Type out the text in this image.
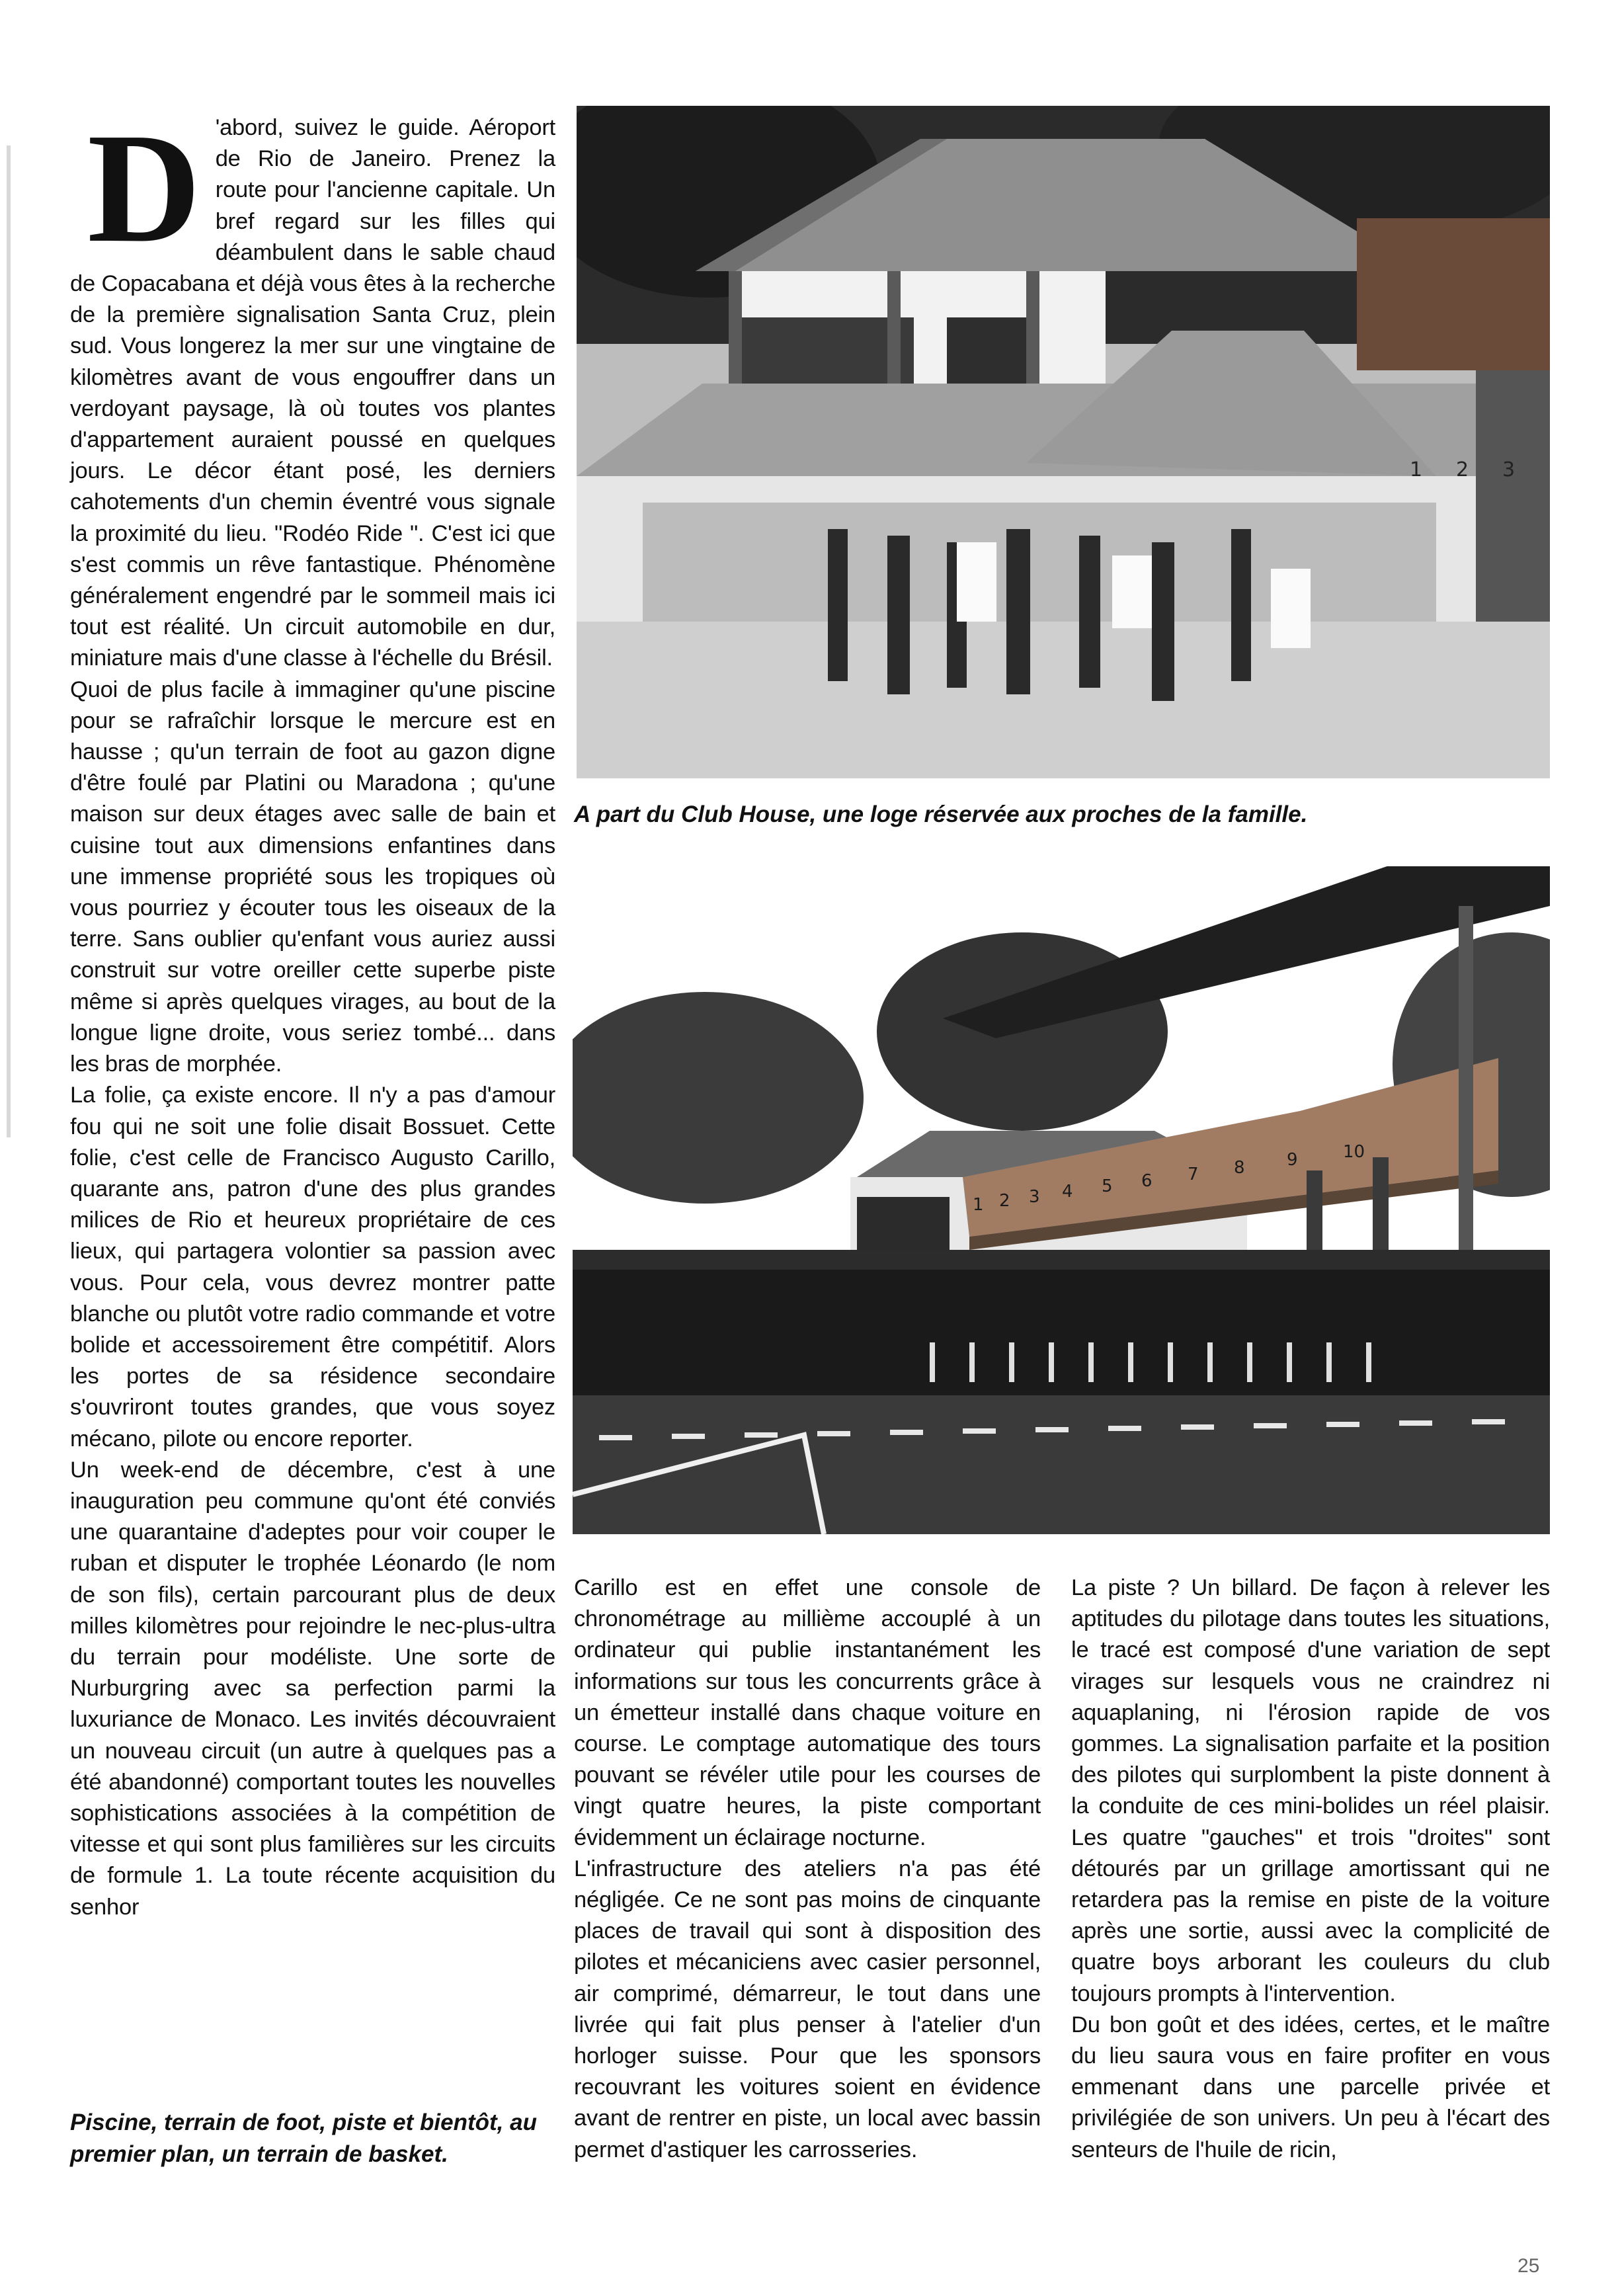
D 'abord, suivez le guide. Aéroport de Rio de Janeiro. Prenez la route pour l'ancienne capitale. Un bref regard sur les filles qui déambulent dans le sable chaud de Copacabana et déjà vous êtes à la recherche de la première signalisation Santa Cruz, plein sud. Vous longerez la mer sur une vingtaine de kilomètres avant de vous engouffrer dans un verdoyant paysage, là où toutes vos plantes d'appartement auraient poussé en quelques jours. Le décor étant posé, les derniers cahotements d'un chemin éventré vous signale la proximité du lieu. "Rodéo Ride ". C'est ici que s'est commis un rêve fantastique. Phénomène généralement engendré par le sommeil mais ici tout est réalité. Un circuit automobile en dur, miniature mais d'une classe à l'échelle du Brésil.

Quoi de plus facile à immaginer qu'une piscine pour se rafraîchir lorsque le mercure est en hausse ; qu'un terrain de foot au gazon digne d'être foulé par Platini ou Maradona ; qu'une maison sur deux étages avec salle de bain et cuisine tout aux dimensions enfantines dans une immense propriété sous les tropiques où vous pourriez y écouter tous les oiseaux de la terre. Sans oublier qu'enfant vous auriez aussi construit sur votre oreiller cette superbe piste même si après quelques virages, au bout de la longue ligne droite, vous seriez tombé... dans les bras de morphée.

La folie, ça existe encore. Il n'y a pas d'amour fou qui ne soit une folie disait Bossuet. Cette folie, c'est celle de Francisco Augusto Carillo, quarante ans, patron d'une des plus grandes milices de Rio et heureux propriétaire de ces lieux, qui partagera volontier sa passion avec vous. Pour cela, vous devrez montrer patte blanche ou plutôt votre radio commande et votre bolide et accessoirement être compétitif. Alors les portes de sa résidence secondaire s'ouvriront toutes grandes, que vous soyez mécano, pilote ou encore reporter.

Un week-end de décembre, c'est à une inauguration peu commune qu'ont été conviés une quarantaine d'adeptes pour voir couper le ruban et disputer le trophée Léonardo (le nom de son fils), certain parcourant plus de deux milles kilomètres pour rejoindre le nec-plus-ultra du terrain pour modéliste. Une sorte de Nurburgring avec sa perfection parmi la luxuriance de Monaco. Les invités découvraient un nouveau circuit (un autre à quelques pas a été abandonné) comportant toutes les nouvelles sophistications associées à la compétition de vitesse et qui sont plus familières sur les circuits de formule 1. La toute récente acquisition du senhor

Piscine, terrain de foot, piste et bientôt, au premier plan, un terrain de basket.

1 2 3

A part du Club House, une loge réservée aux proches de la famille.

1 2 3 4 5 6 7 8 9	10

Carillo est en effet une console de chronométrage au millième accouplé à un ordinateur qui publie instantanément les informations sur tous les concurrents grâce à un émetteur installé dans chaque voiture en course. Le comptage automatique des tours pouvant se révéler utile pour les courses de vingt quatre heures, la piste comportant évidemment un éclairage nocturne.

L'infrastructure des ateliers n'a pas été négligée. Ce ne sont pas moins de cinquante places de travail qui sont à disposition des pilotes et mécaniciens avec casier personnel, air comprimé, démarreur, le tout dans une livrée qui fait plus penser à l'atelier d'un horloger suisse. Pour que les sponsors recouvrant les voitures soient en évidence avant de rentrer en piste, un local avec bassin permet d'astiquer les carrosseries.

La piste ? Un billard. De façon à relever les aptitudes du pilotage dans toutes les situations, le tracé est composé d'une variation de sept virages sur lesquels vous ne craindrez ni aquaplaning, ni l'érosion rapide de vos gommes. La signalisation parfaite et la position des pilotes qui surplombent la piste donnent à la conduite de ces mini-bolides un réel plaisir. Les quatre "gauches" et trois "droites" sont détourés par un grillage amortissant qui ne retardera pas la remise en piste de la voiture après une sortie, aussi avec la complicité de quatre boys arborant les couleurs du club toujours prompts à l'intervention.

Du bon goût et des idées, certes, et le maître du lieu saura vous en faire profiter en vous emmenant dans une parcelle privée et privilégiée de son univers. Un peu à l'écart des senteurs de l'huile de ricin,

25
